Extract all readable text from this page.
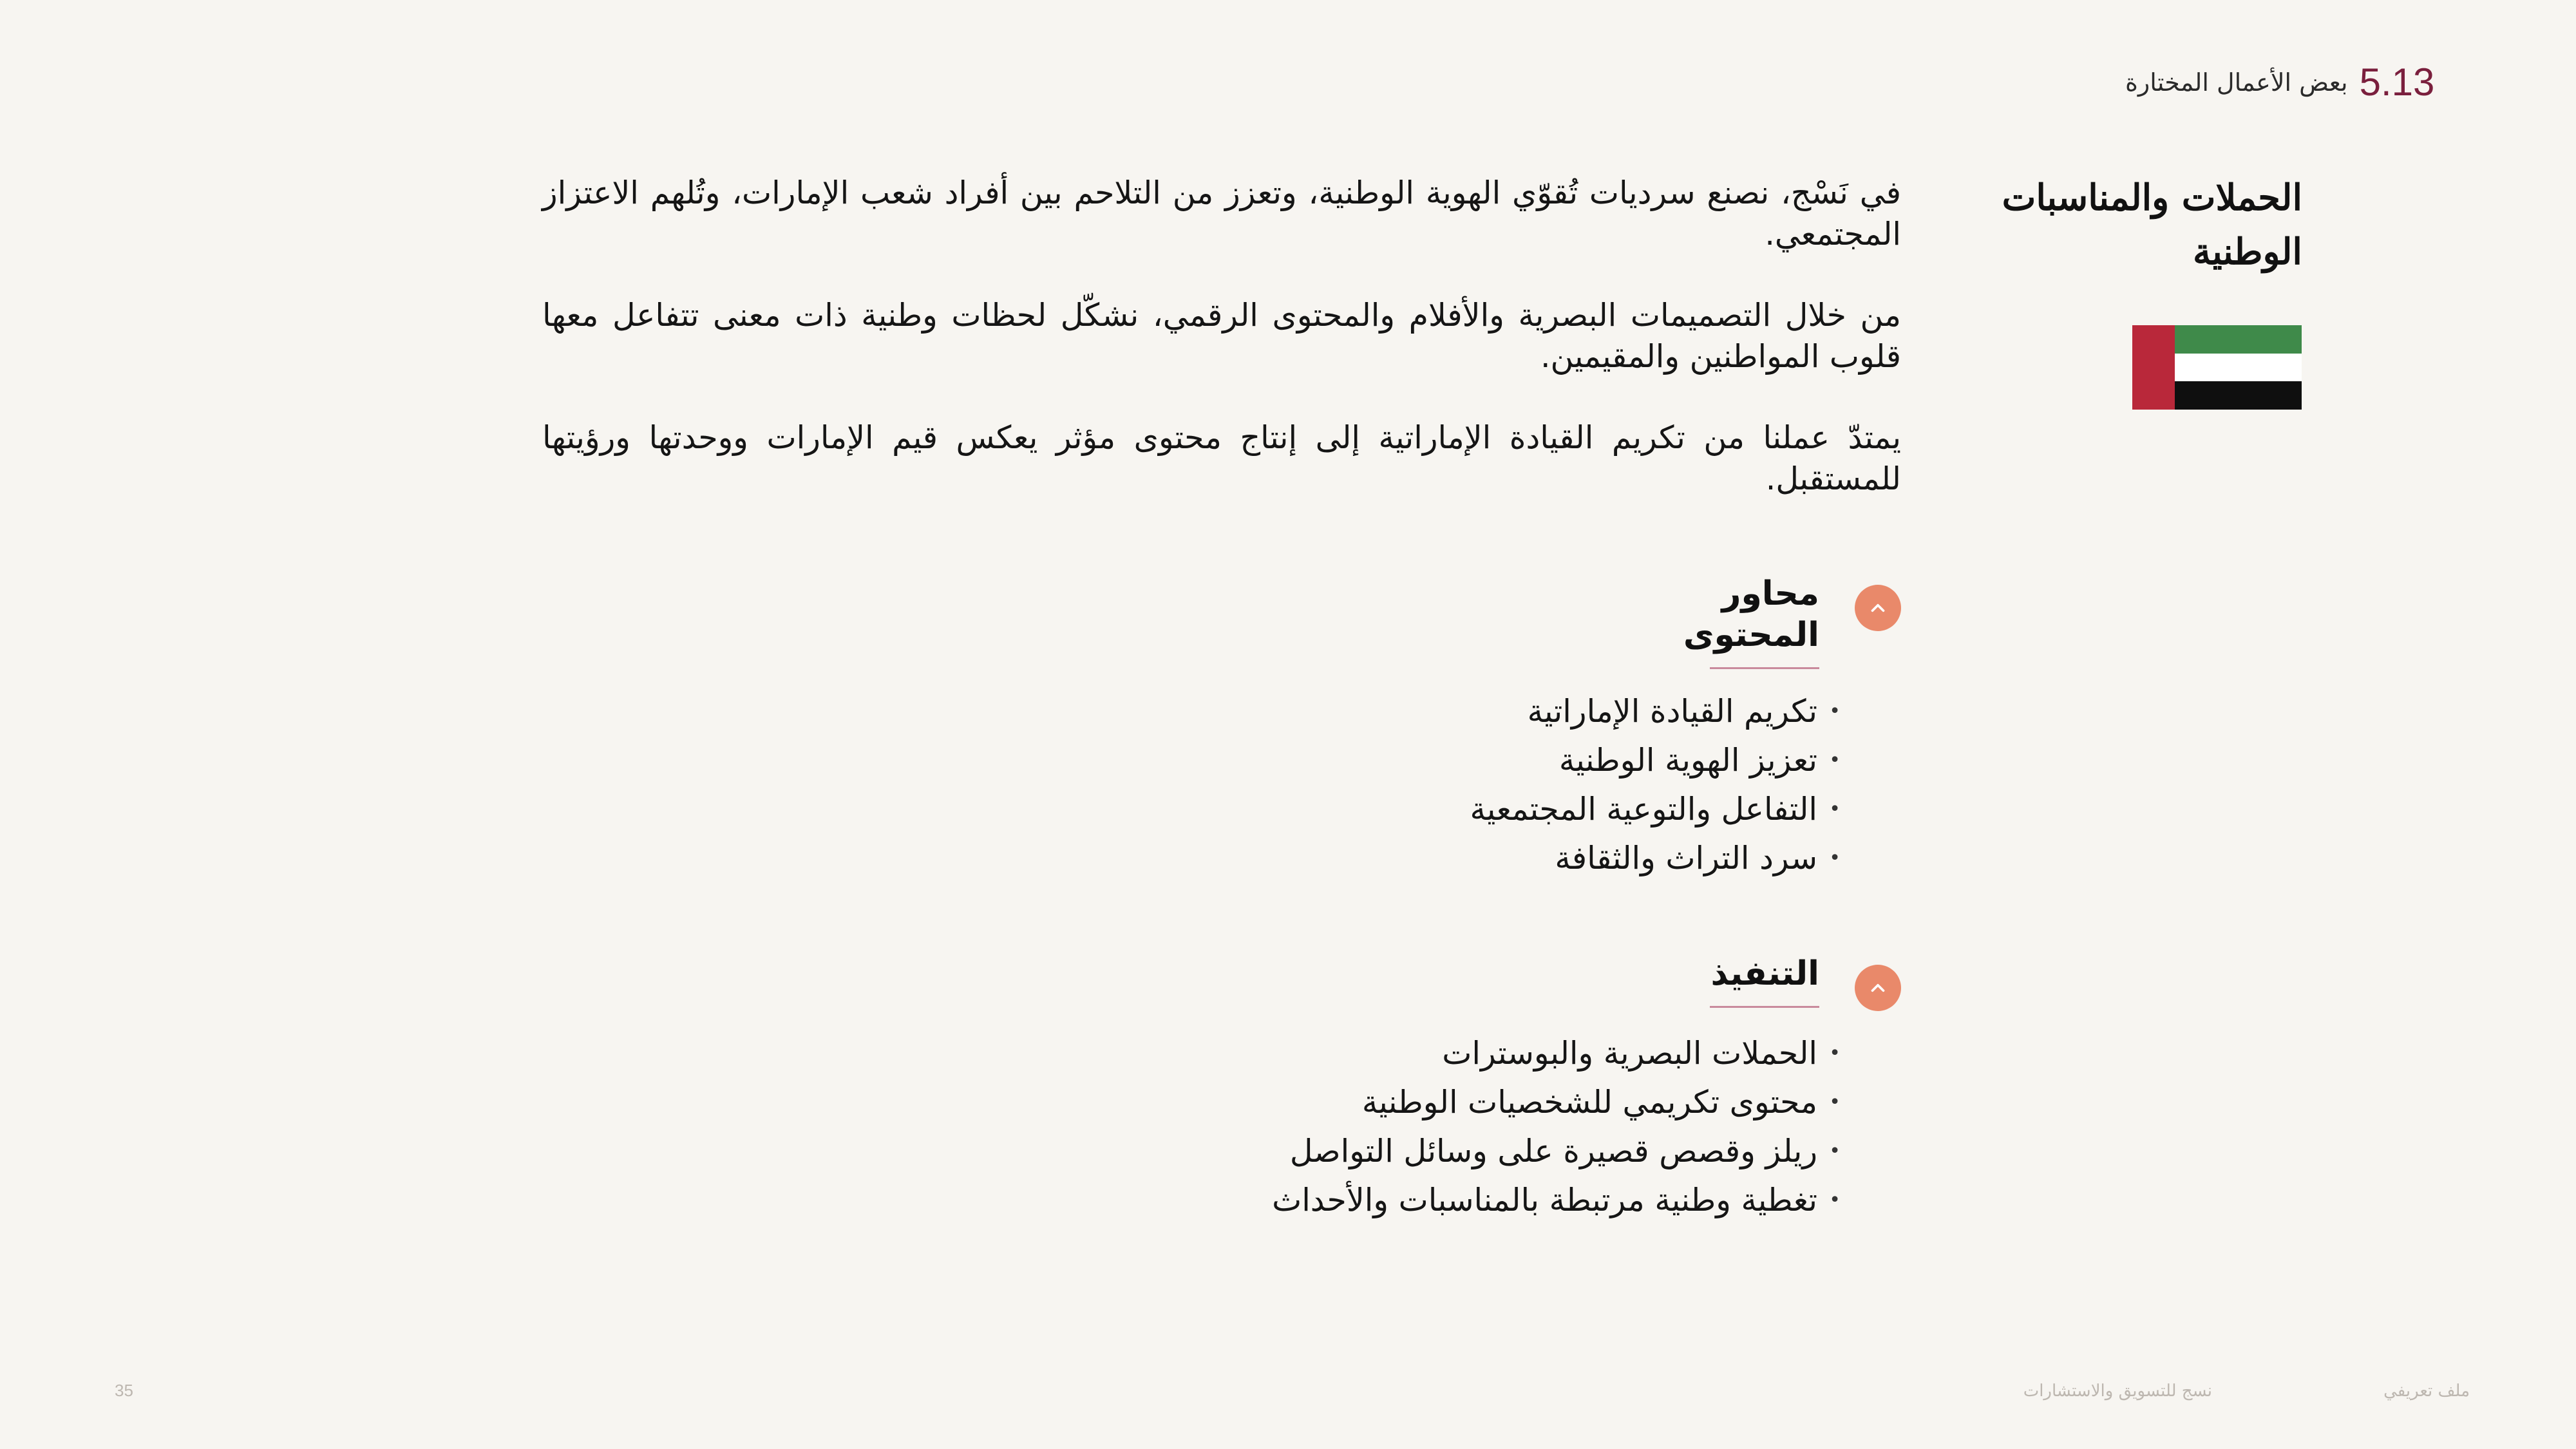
5.13
بعض الأعمال المختارة
الحملات والمناسبات الوطنية

في نَسْج، نصنع سرديات تُقوّي الهوية الوطنية، وتعزز من التلاحم بين أفراد شعب الإمارات، وتُلهم الاعتزاز المجتمعي.

من خلال التصميمات البصرية والأفلام والمحتوى الرقمي، نشكّل لحظات وطنية ذات معنى تتفاعل معها قلوب المواطنين والمقيمين.

يمتدّ عملنا من تكريم القيادة الإماراتية إلى إنتاج محتوى مؤثر يعكس قيم الإمارات ووحدتها ورؤيتها للمستقبل.

محاور المحتوى
• تكريم القيادة الإماراتية
• تعزيز الهوية الوطنية
• التفاعل والتوعية المجتمعية
• سرد التراث والثقافة
التنفيذ
• الحملات البصرية والبوسترات
• محتوى تكريمي للشخصيات الوطنية
• ريلز وقصص قصيرة على وسائل التواصل
• تغطية وطنية مرتبطة بالمناسبات والأحداث
ملف تعريفي
نسج للتسويق والاستشارات
35
